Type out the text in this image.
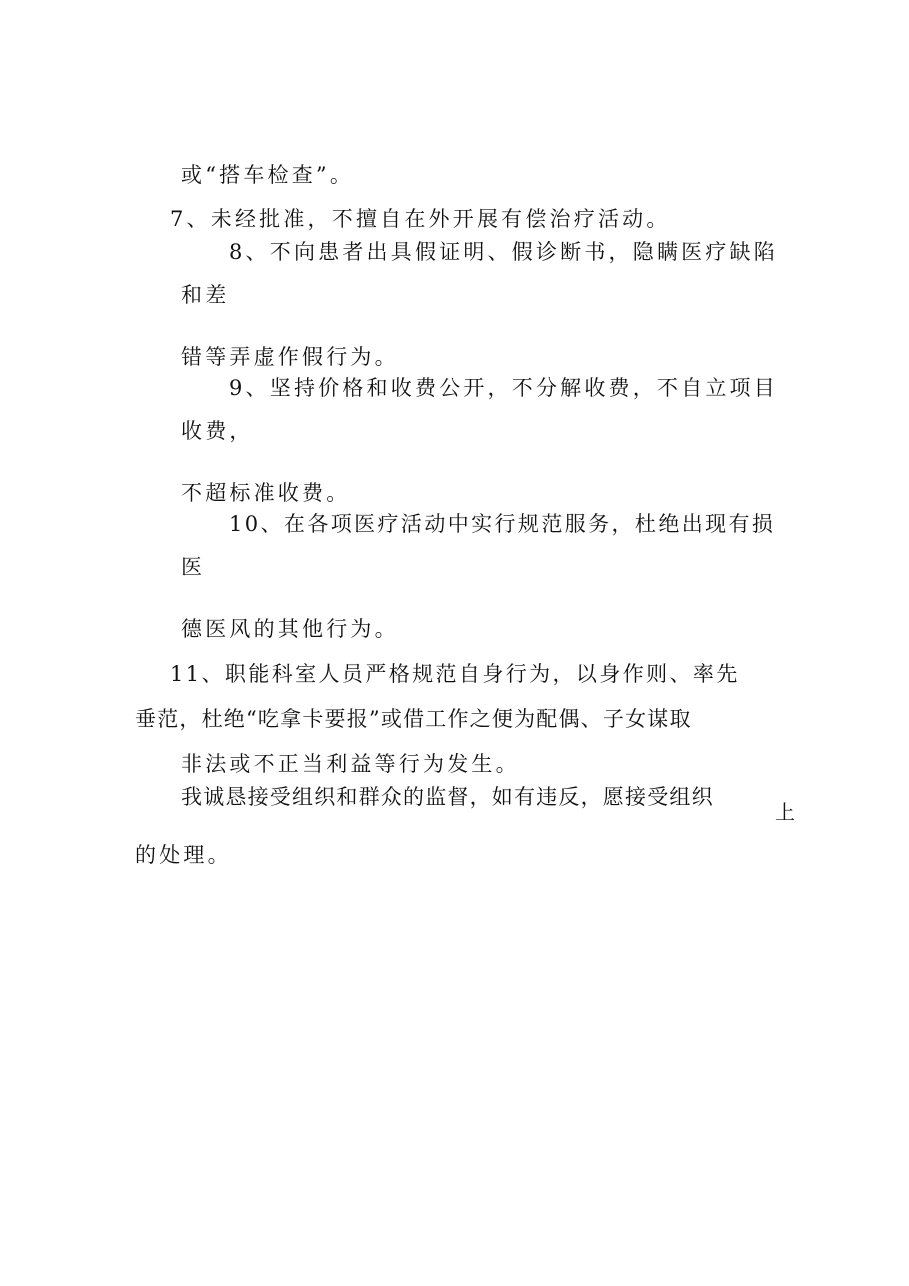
或“搭车检查”。
7、未经批准，不擅自在外开展有偿治疗活动。
8、不向患者出具假证明、假诊断书，隐瞒医疗缺陷
和差
错等弄虚作假行为。
9、坚持价格和收费公开，不分解收费，不自立项目
收费，
不超标准收费。
10、在各项医疗活动中实行规范服务，杜绝出现有损
医
德医风的其他行为。
11、职能科室人员严格规范自身行为，以身作则、率先
垂范，杜绝“吃拿卡要报”或借工作之便为配偶、子女谋取
非法或不正当利益等行为发生。
我诚恳接受组织和群众的监督，如有违反，愿接受组织
上
的处理。
